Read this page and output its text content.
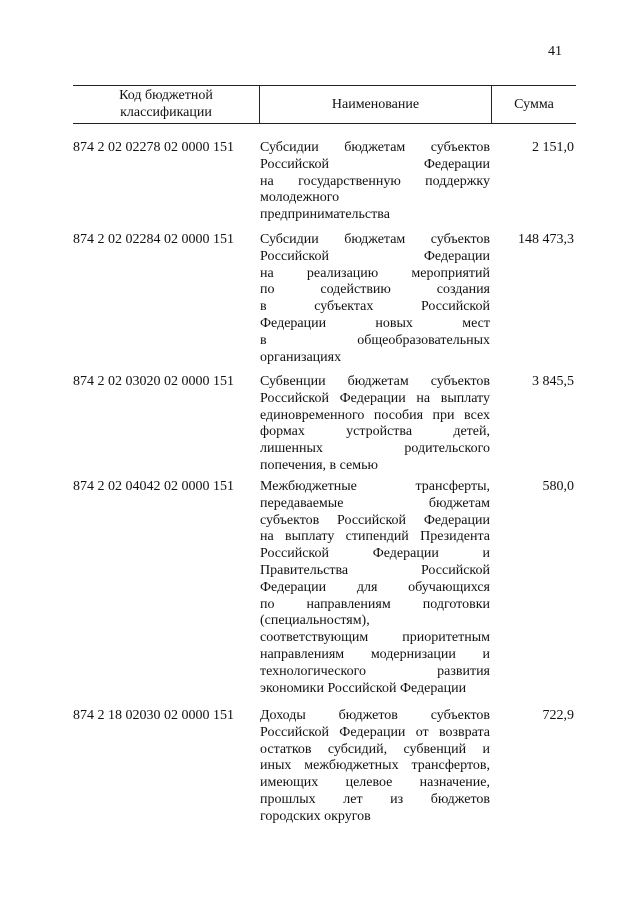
41
Код бюджетной классификации
Наименование	Сумма
874 2 02 02278 02 0000 151 Субсидии бюджетам субъектов
Российской Федерации
на государственную поддержку
молодежного
предпринимательства
2 151,0
874 2 02 02284 02 0000 151 Субсидии бюджетам субъектов
Российской Федерации
на реализацию мероприятий
по содействию создания
в субъектах Российской
Федерации новых мест
в общеобразовательных
организациях
148 473,3
874 2 02 03020 02 0000 151 Субвенции бюджетам субъектов
Российской Федерации на выплату
единовременного пособия при всех
формах устройства детей,
лишенных родительского
попечения, в семью
3 845,5
874 2 02 04042 02 0000 151 Межбюджетные трансферты,
передаваемые бюджетам
субъектов Российской Федерации
на выплату стипендий Президента
Российской Федерации и
Правительства Российской
Федерации для обучающихся
по направлениям подготовки
(специальностям),
соответствующим приоритетным
направлениям модернизации и
технологического развития
экономики Российской Федерации
580,0
874 2 18 02030 02 0000 151 Доходы бюджетов субъектов
Российской Федерации от возврата
остатков субсидий, субвенций и
иных межбюджетных трансфертов,
имеющих целевое назначение,
прошлых лет из бюджетов
городских округов
722,9
